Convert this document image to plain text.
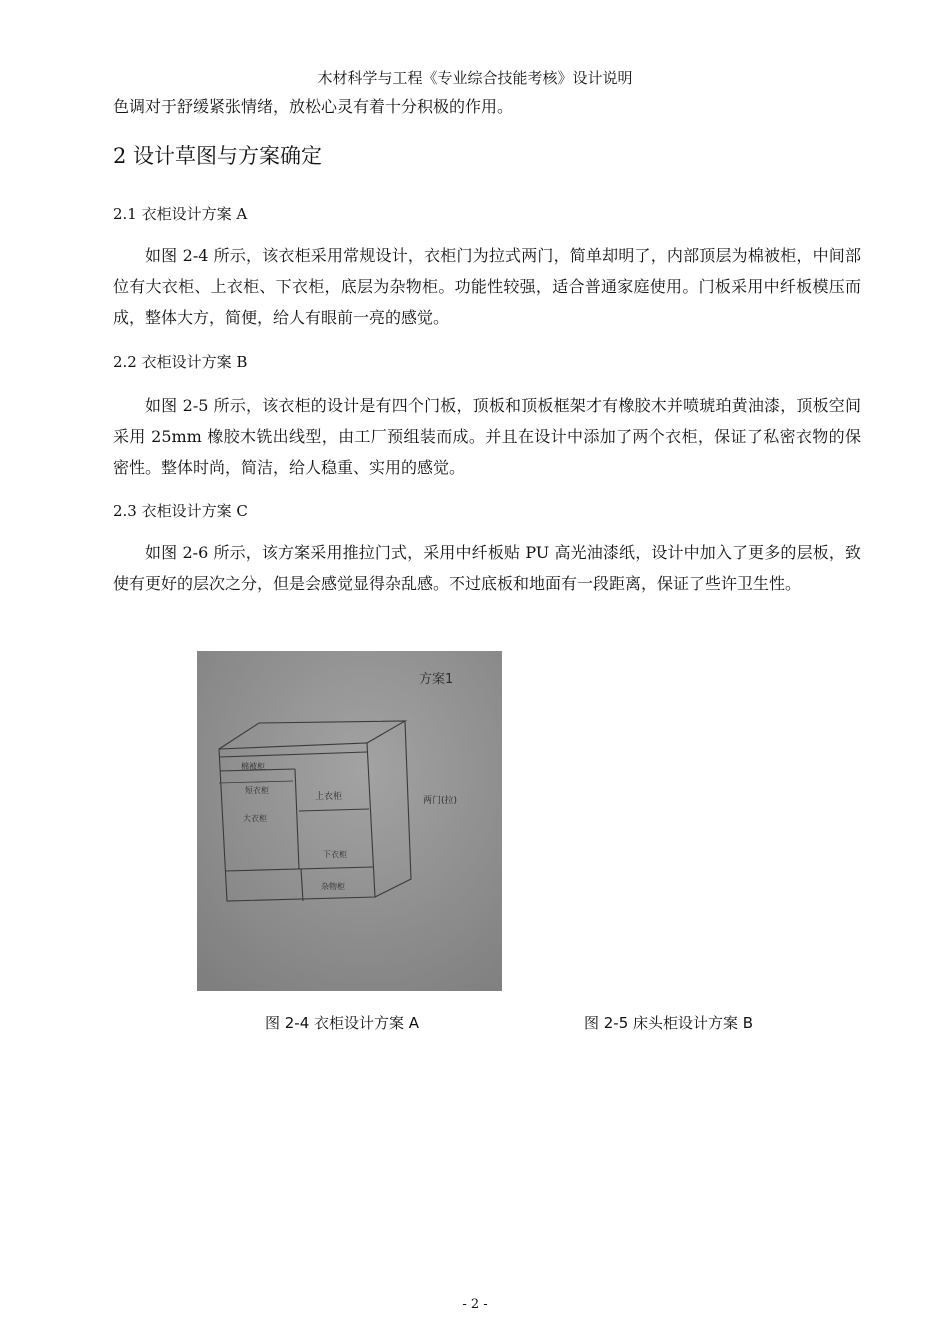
木材科学与工程《专业综合技能考核》设计说明

色调对于舒缓紧张情绪，放松心灵有着十分积极的作用。

2 设计草图与方案确定
2.1 衣柜设计方案 A

如图 2-4 所示，该衣柜采用常规设计，衣柜门为拉式两门，简单却明了，内部顶层为棉被柜，中间部位有大衣柜、上衣柜、下衣柜，底层为杂物柜。功能性较强，适合普通家庭使用。门板采用中纤板模压而成，整体大方，简便，给人有眼前一亮的感觉。

2.2 衣柜设计方案 B

如图 2-5 所示，该衣柜的设计是有四个门板，顶板和顶板框架才有橡胶木并喷琥珀黄油漆，顶板空间采用 25mm 橡胶木铣出线型，由工厂预组装而成。并且在设计中添加了两个衣柜，保证了私密衣物的保密性。整体时尚，简洁，给人稳重、实用的感觉。

2.3 衣柜设计方案 C

如图 2-6 所示，该方案采用推拉门式，采用中纤板贴 PU 高光油漆纸，设计中加入了更多的层板，致使有更好的层次之分，但是会感觉显得杂乱感。不过底板和地面有一段距离，保证了些许卫生性。

方案1
棉被柜
短衣柜
大衣柜
上衣柜
下衣柜
杂物柜
两门(拉)
图 2-4 衣柜设计方案 A	图 2-5 床头柜设计方案 B
- 2 -
